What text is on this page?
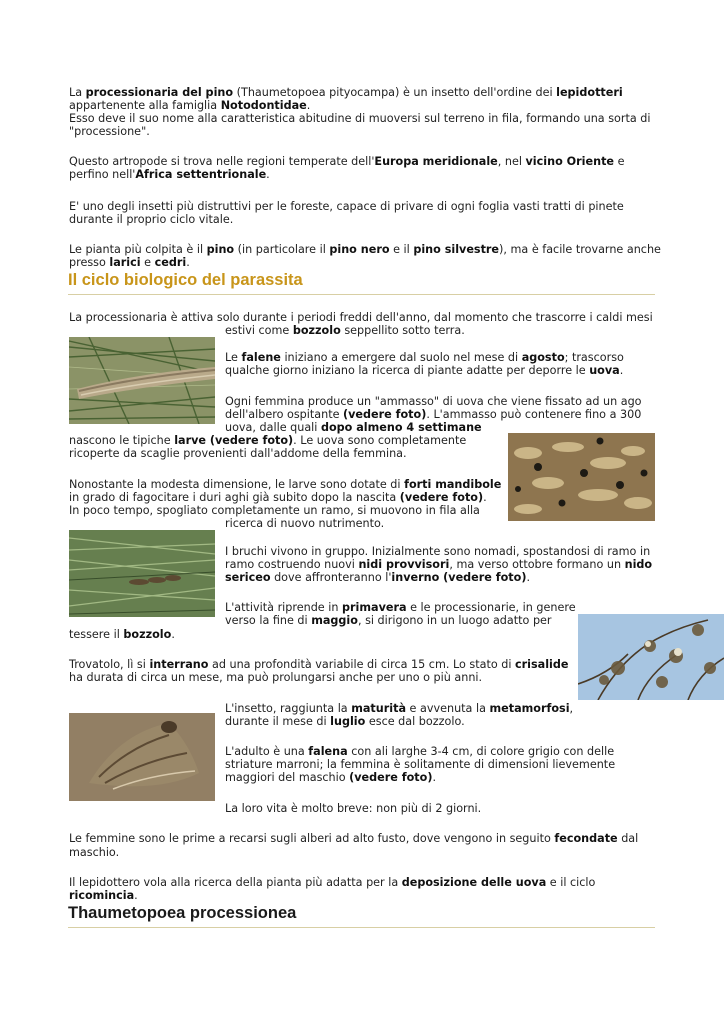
La processionaria del pino (Thaumetopoea pityocampa) è un insetto dell'ordine dei lepidotteri
appartenente alla famiglia Notodontidae.
Esso deve il suo nome alla caratteristica abitudine di muoversi sul terreno in fila, formando una sorta di
"processione".
Questo artropode si trova nelle regioni temperate dell'Europa meridionale, nel vicino Oriente e
perfino nell'Africa settentrionale.
E' uno degli insetti più distruttivi per le foreste, capace di privare di ogni foglia vasti tratti di pinete
durante il proprio ciclo vitale.
Le pianta più colpita è il pino (in particolare il pino nero e il pino silvestre), ma è facile trovarne anche
presso larici e cedri.
Il ciclo biologico del parassita
La processionaria è attiva solo durante i periodi freddi dell'anno, dal momento che trascorre i caldi mesi
estivi come bozzolo seppellito sotto terra.
Le falene iniziano a emergere dal suolo nel mese di agosto; trascorso
qualche giorno iniziano la ricerca di piante adatte per deporre le uova.
Ogni femmina produce un "ammasso" di uova che viene fissato ad un ago
dell'albero ospitante (vedere foto). L'ammasso può contenere fino a 300
uova, dalle quali dopo almeno 4 settimane
nascono le tipiche larve (vedere foto). Le uova sono completamente
ricoperte da scaglie provenienti dall'addome della femmina.
Nonostante la modesta dimensione, le larve sono dotate di forti mandibole
in grado di fagocitare i duri aghi già subito dopo la nascita (vedere foto).
In poco tempo, spogliato completamente un ramo, si muovono in fila alla
ricerca di nuovo nutrimento.
I bruchi vivono in gruppo. Inizialmente sono nomadi, spostandosi di ramo in
ramo costruendo nuovi nidi provvisori, ma verso ottobre formano un nido
sericeo dove affronteranno l'inverno (vedere foto).
L'attività riprende in primavera e le processionarie, in genere
verso la fine di maggio, si dirigono in un luogo adatto per
tessere il bozzolo.
Trovatolo, lì si interrano ad una profondità variabile di circa 15 cm. Lo stato di crisalide
ha durata di circa un mese, ma può prolungarsi anche per uno o più anni.
L'insetto, raggiunta la maturità e avvenuta la metamorfosi,
durante il mese di luglio esce dal bozzolo.
L'adulto è una falena con ali larghe 3-4 cm, di colore grigio con delle
striature marroni; la femmina è solitamente di dimensioni lievemente
maggiori del maschio (vedere foto).
La loro vita è molto breve: non più di 2 giorni.
Le femmine sono le prime a recarsi sugli alberi ad alto fusto, dove vengono in seguito fecondate dal
maschio.
Il lepidottero vola alla ricerca della pianta più adatta per la deposizione delle uova e il ciclo
ricomincia.
Thaumetopoea processionea
